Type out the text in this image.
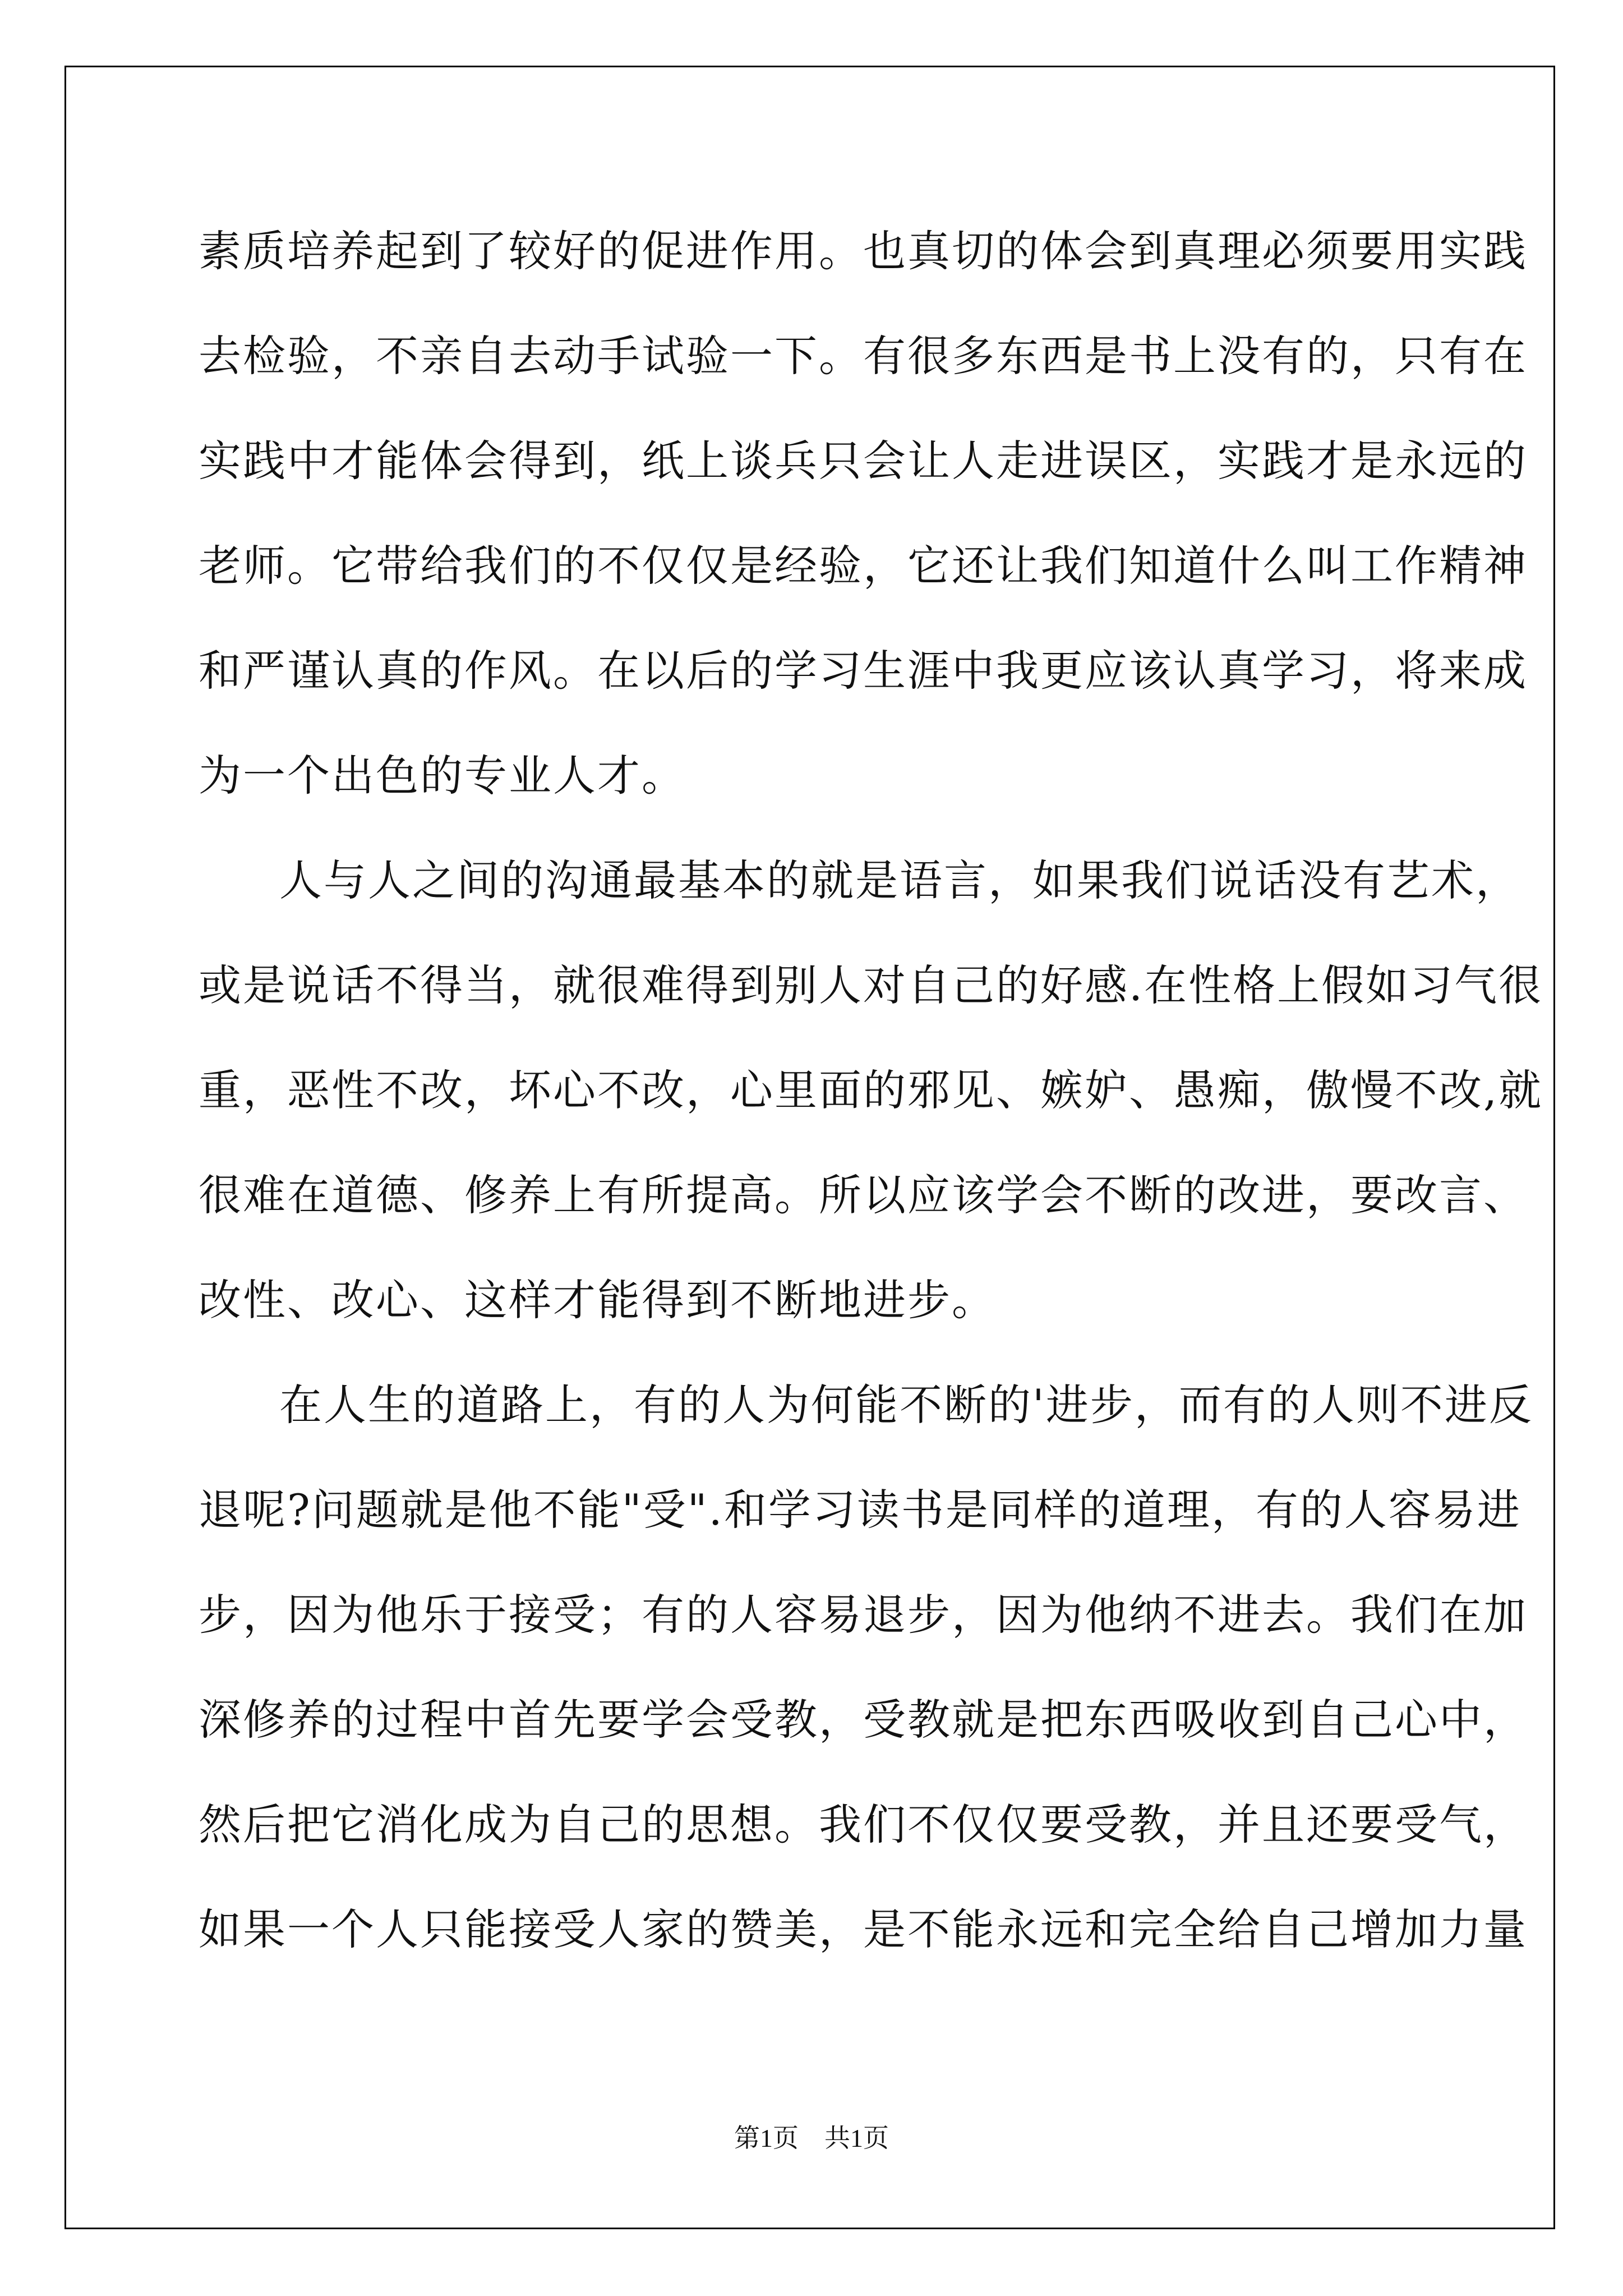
素质培养起到了较好的促进作用。也真切的体会到真理必须要用实践

去检验，不亲自去动手试验一下。有很多东西是书上没有的，只有在

实践中才能体会得到，纸上谈兵只会让人走进误区，实践才是永远的

老师。它带给我们的不仅仅是经验，它还让我们知道什么叫工作精神

和严谨认真的作风。在以后的学习生涯中我更应该认真学习，将来成

为一个出色的专业人才。

人与人之间的沟通最基本的就是语言，如果我们说话没有艺术，

或是说话不得当，就很难得到别人对自己的好感.在性格上假如习气很

重，恶性不改，坏心不改，心里面的邪见、嫉妒、愚痴，傲慢不改,就

很难在道德、修养上有所提高。所以应该学会不断的改进，要改言、

改性、改心、这样才能得到不断地进步。

在人生的道路上，有的人为何能不断的'进步，而有的人则不进反

退呢?问题就是他不能"受".和学习读书是同样的道理，有的人容易进

步，因为他乐于接受；有的人容易退步，因为他纳不进去。我们在加

深修养的过程中首先要学会受教，受教就是把东西吸收到自己心中，

然后把它消化成为自己的思想。我们不仅仅要受教，并且还要受气，

如果一个人只能接受人家的赞美，是不能永远和完全给自己增加力量

第1页　共1页
